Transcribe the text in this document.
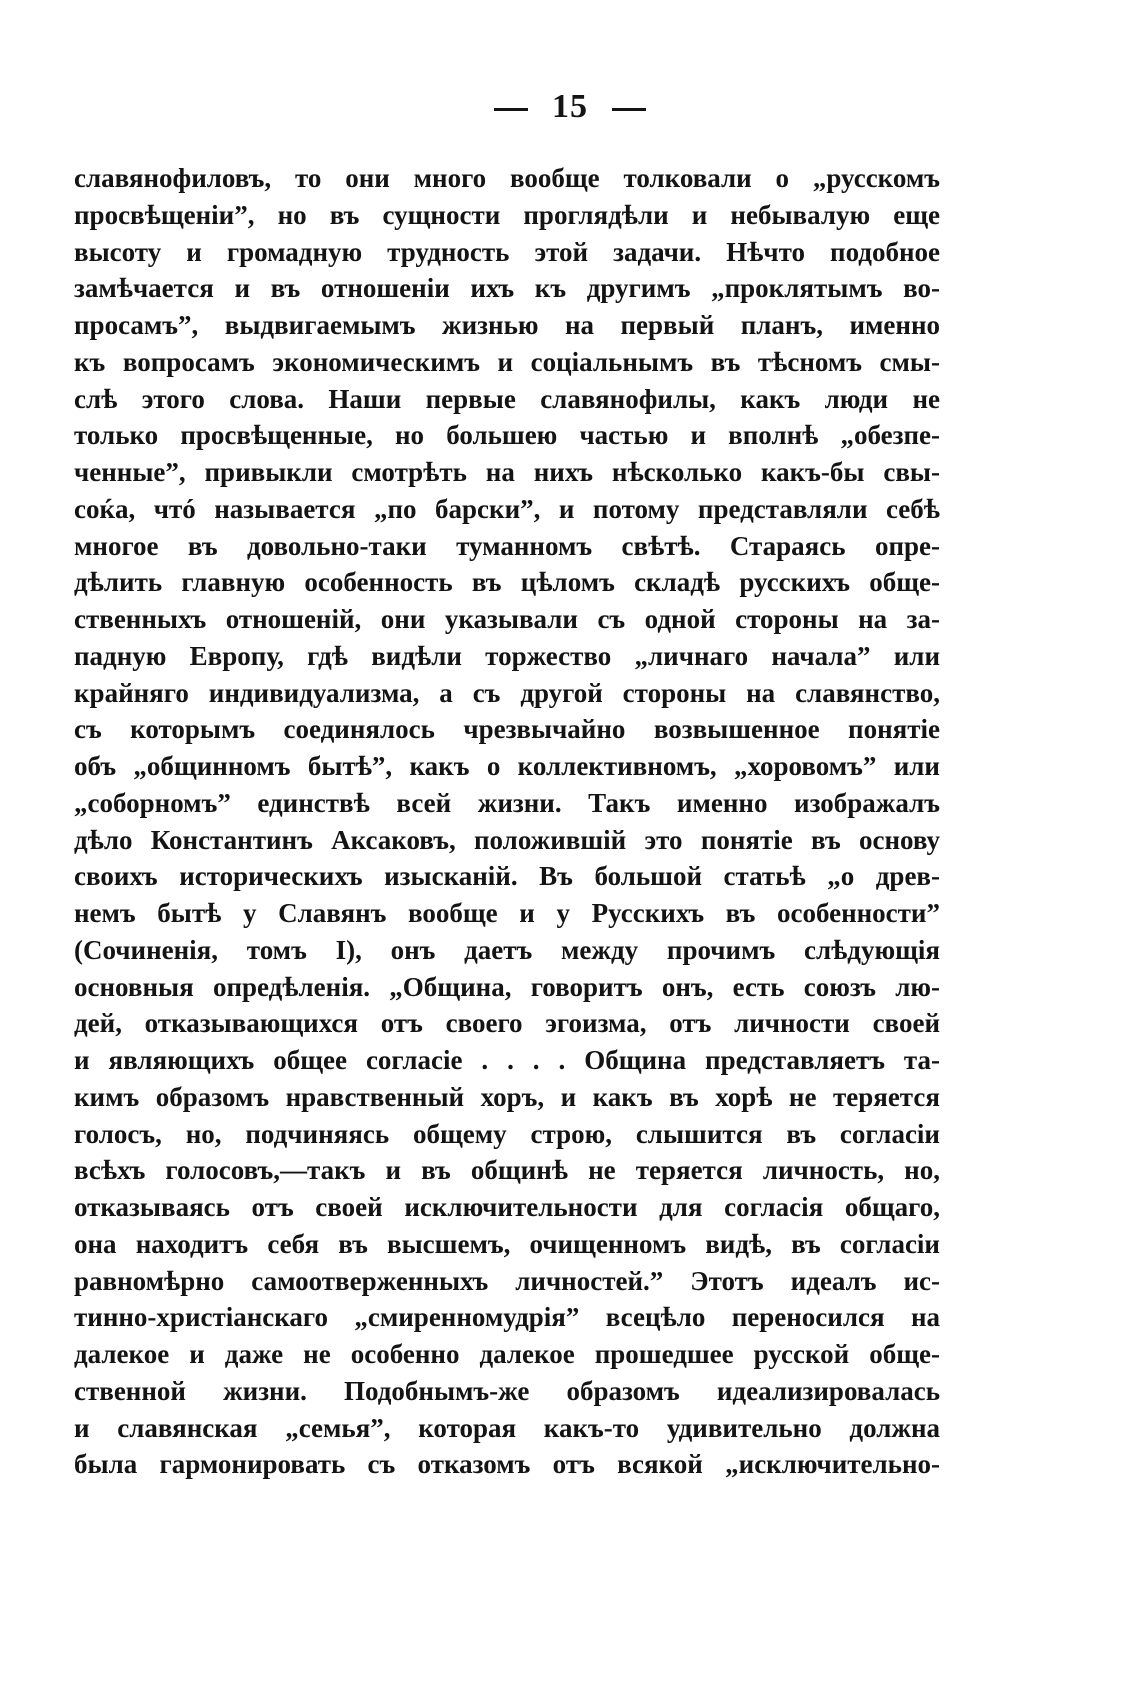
15
славянофиловъ, то они много вообще толковали о „русскомъ
просвѣщеніи”, но въ сущности проглядѣли и небывалую еще
высоту и громадную трудность этой задачи. Нѣчто подобное
замѣчается и въ отношеніи ихъ къ другимъ „проклятымъ во-
просамъ”, выдвигаемымъ жизнью на первый планъ, именно
къ вопросамъ экономическимъ и соціальнымъ въ тѣсномъ смы-
слѣ этого слова. Наши первые славянофилы, какъ люди не
только просвѣщенные, но большею частью и вполнѣ „обезпе-
ченные”, привыкли смотрѣть на нихъ нѣсколько какъ-бы свы-
соќа, чтó называется „по барски”, и потому представляли себѣ
многое въ довольно-таки туманномъ свѣтѣ. Стараясь опре-
дѣлить главную особенность въ цѣломъ складѣ русскихъ обще-
ственныхъ отношеній, они указывали съ одной стороны на за-
падную Европу, гдѣ видѣли торжество „личнаго начала” или
крайняго индивидуализма, а съ другой стороны на славянство,
съ которымъ соединялось чрезвычайно возвышенное понятіе
объ „общинномъ бытѣ”, какъ о коллективномъ, „хоровомъ” или
„соборномъ” единствѣ всей жизни. Такъ именно изображалъ
дѣло Константинъ Аксаковъ, положившій это понятіе въ основу
своихъ историческихъ изысканій. Въ большой статьѣ „о древ-
немъ бытѣ у Славянъ вообще и у Русскихъ въ особенности”
(Сочиненія, томъ I), онъ даетъ между прочимъ слѣдующія
основныя опредѣленія. „Община, говоритъ онъ, есть союзъ лю-
дей, отказывающихся отъ своего эгоизма, отъ личности своей
и являющихъ общее согласіе . . . . Община представляетъ та-
кимъ образомъ нравственный хоръ, и какъ въ хорѣ не теряется
голосъ, но, подчиняясь общему строю, слышится въ согласіи
всѣхъ голосовъ,—такъ и въ общинѣ не теряется личность, но,
отказываясь отъ своей исключительности для согласія общаго,
она находитъ себя въ высшемъ, очищенномъ видѣ, въ согласіи
равномѣрно самоотверженныхъ личностей.” Этотъ идеалъ ис-
тинно-христіанскаго „смиренномудрія” всецѣло переносился на
далекое и даже не особенно далекое прошедшее русской обще-
ственной жизни. Подобнымъ-же образомъ идеализировалась
и славянская „семья”, которая какъ-то удивительно должна
была гармонировать съ отказомъ отъ всякой „исключительно-
